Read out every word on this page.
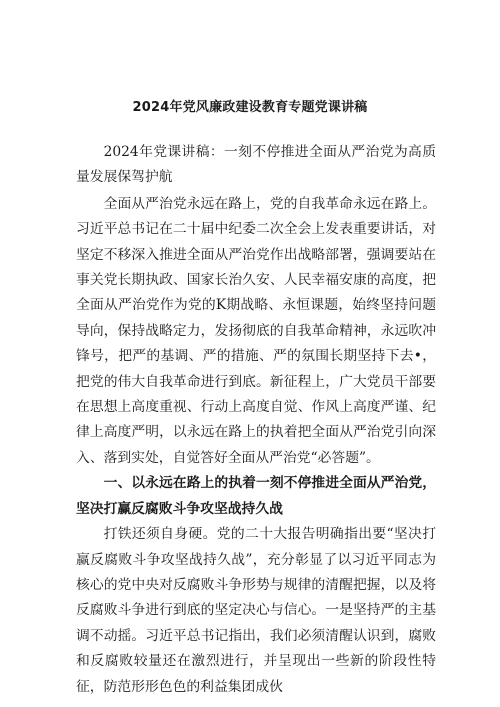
2024年党风廉政建设教育专题党课讲稿

2024年党课讲稿：一刻不停推进全面从严治党为高质量发展保驾护航

全面从严治党永远在路上，党的自我革命永远在路上。习近平总书记在二十届中纪委二次全会上发表重要讲话，对坚定不移深入推进全面从严治党作出战略部署，强调要站在事关党长期执政、国家长治久安、人民幸福安康的高度，把全面从严治党作为党的K期战略、永恒课题，始终坚持问题导向，保持战略定力，发扬彻底的自我革命精神，永远吹冲锋号，把严的基调、严的措施、严的氛围长期坚持下去•，把党的伟大自我革命进行到底。新征程上，广大党员干部要在思想上高度重视、行动上高度自觉、作风上高度严谨、纪律上高度严明，以永远在路上的执着把全面从严治党引向深入、落到实处，自觉答好全面从严治党“必答题”。

一、以永远在路上的执着一刻不停推进全面从严治党，坚决打赢反腐败斗争攻坚战持久战

打铁还须自身硬。党的二十大报告明确指出要“坚决打赢反腐败斗争攻坚战持久战”，充分彰显了以习近平同志为核心的党中央对反腐败斗争形势与规律的清醒把握，以及将反腐败斗争进行到底的坚定决心与信心。一是坚持严的主基调不动摇。习近平总书记指出，我们必须清醒认识到，腐败和反腐败较量还在激烈进行，并呈现出一些新的阶段性特征，防范形形色色的利益集团成伙
